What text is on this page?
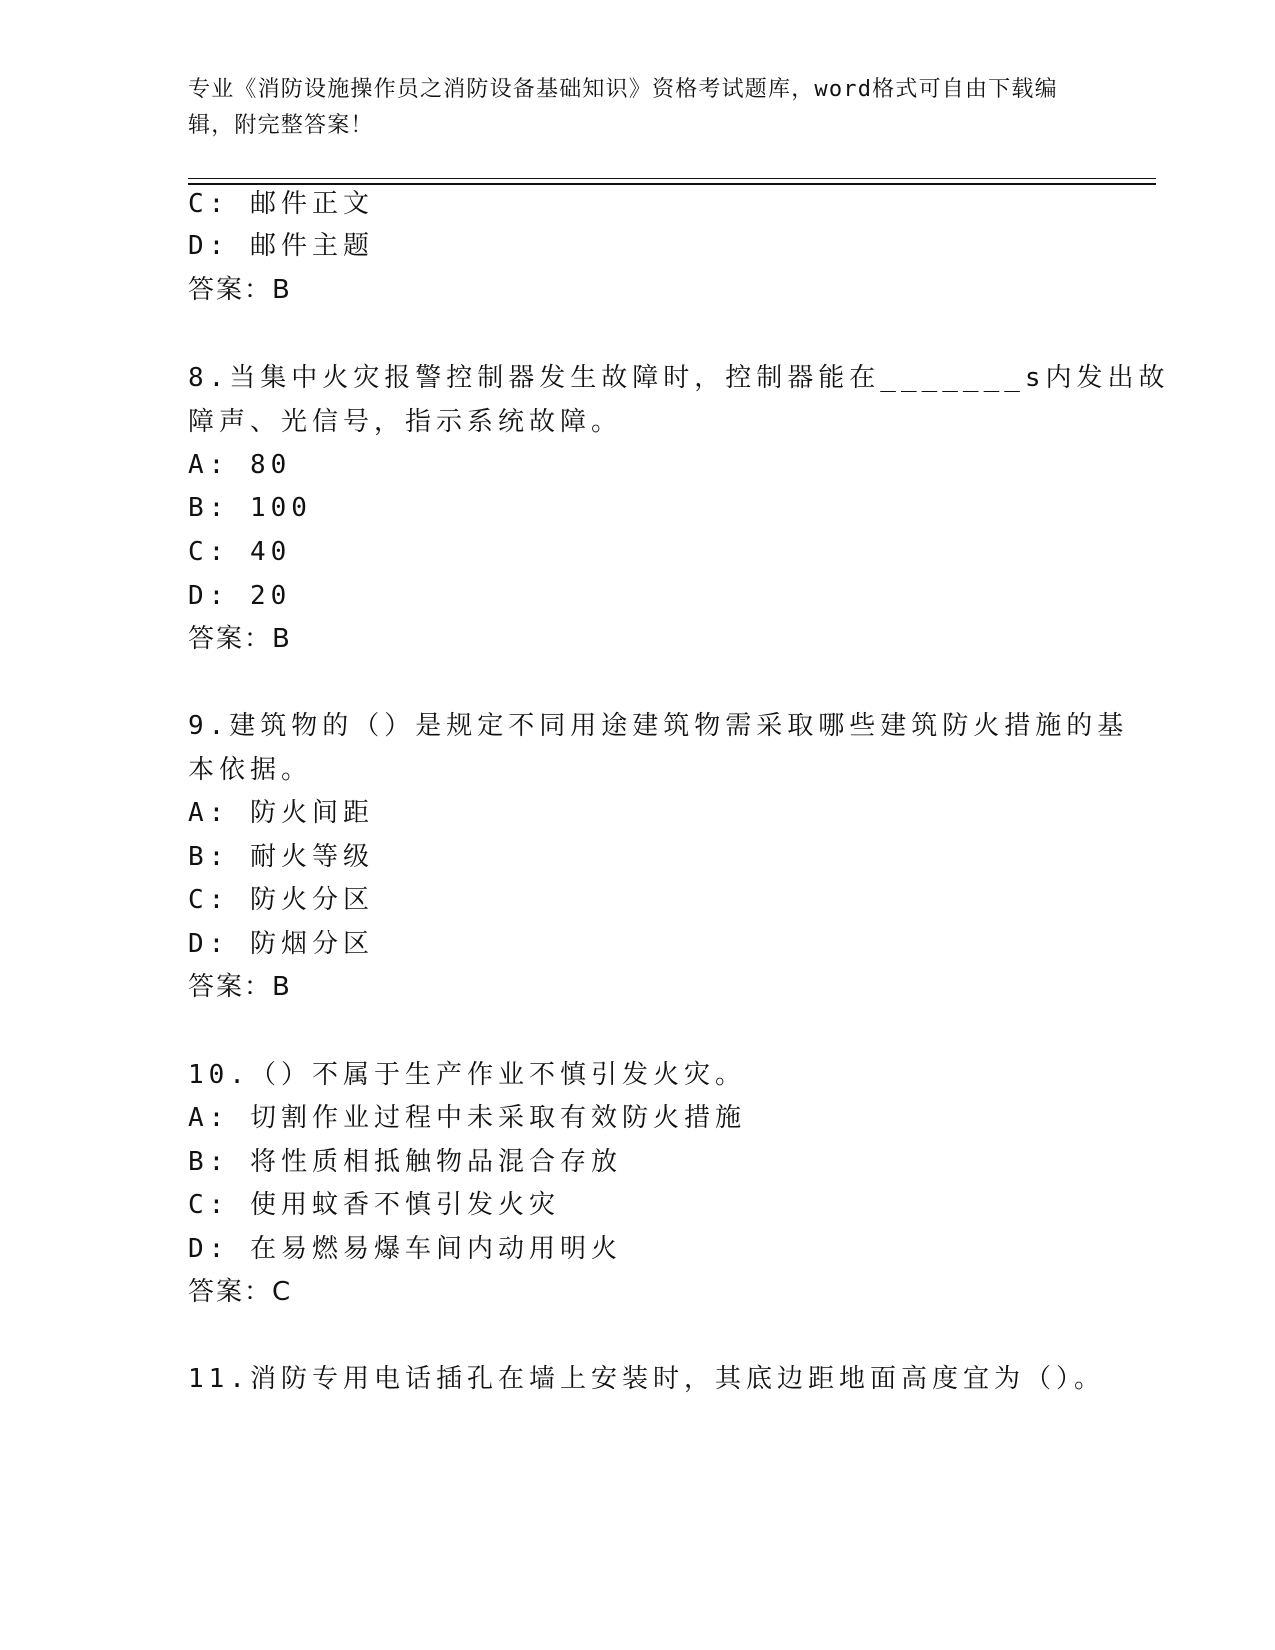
专业《消防设施操作员之消防设备基础知识》资格考试题库，word格式可自由下载编辑，附完整答案！
C: 邮件正文
D: 邮件主题
答案：B
8.当集中火灾报警控制器发生故障时，控制器能在_______s内发出故
障声、光信号，指示系统故障。
A: 80
B: 100
C: 40
D: 20
答案：B
9.建筑物的（）是规定不同用途建筑物需采取哪些建筑防火措施的基
本依据。
A: 防火间距
B: 耐火等级
C: 防火分区
D: 防烟分区
答案：B
10.（）不属于生产作业不慎引发火灾。
A: 切割作业过程中未采取有效防火措施
B: 将性质相抵触物品混合存放
C: 使用蚊香不慎引发火灾
D: 在易燃易爆车间内动用明火
答案：C
11.消防专用电话插孔在墙上安装时，其底边距地面高度宜为（）。
